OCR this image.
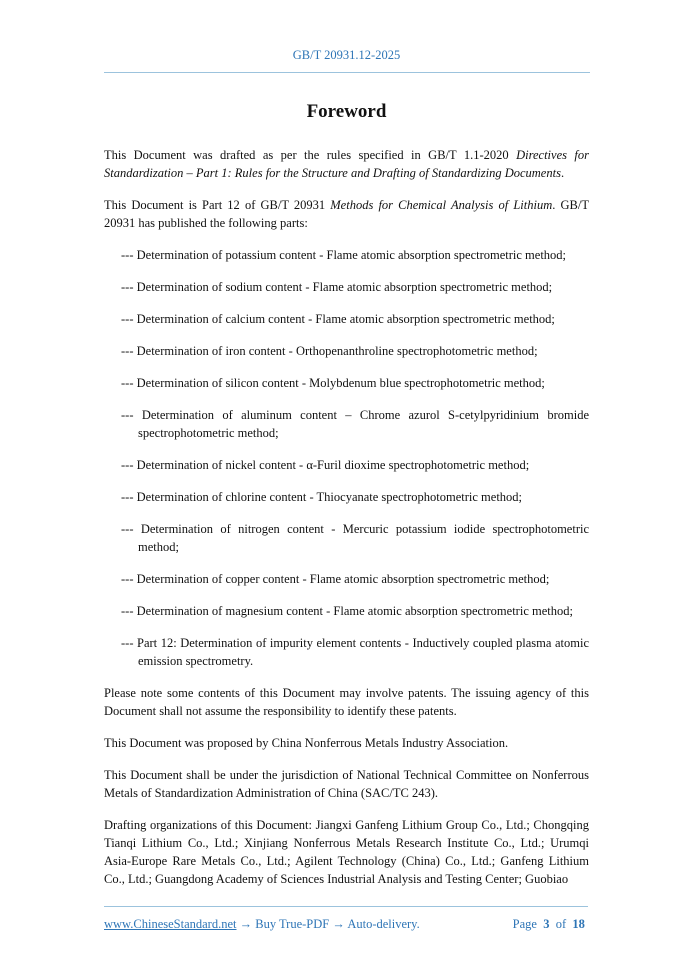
GB/T 20931.12-2025
Foreword

This Document was drafted as per the rules specified in GB/T 1.1-2020 Directives for Standardization – Part 1: Rules for the Structure and Drafting of Standardizing Documents.

This Document is Part 12 of GB/T 20931 Methods for Chemical Analysis of Lithium. GB/T 20931 has published the following parts:

--- Determination of potassium content - Flame atomic absorption spectrometric method;
--- Determination of sodium content - Flame atomic absorption spectrometric method;
--- Determination of calcium content - Flame atomic absorption spectrometric method;
--- Determination of iron content - Orthopenanthroline spectrophotometric method;
--- Determination of silicon content - Molybdenum blue spectrophotometric method;
--- Determination of aluminum content – Chrome azurol S-cetylpyridinium bromide spectrophotometric method;
--- Determination of nickel content - α-Furil dioxime spectrophotometric method;
--- Determination of chlorine content - Thiocyanate spectrophotometric method;
--- Determination of nitrogen content - Mercuric potassium iodide spectrophotometric method;
--- Determination of copper content - Flame atomic absorption spectrometric method;
--- Determination of magnesium content - Flame atomic absorption spectrometric method;
--- Part 12: Determination of impurity element contents - Inductively coupled plasma atomic emission spectrometry.

Please note some contents of this Document may involve patents. The issuing agency of this Document shall not assume the responsibility to identify these patents.

This Document was proposed by China Nonferrous Metals Industry Association.

This Document shall be under the jurisdiction of National Technical Committee on Nonferrous Metals of Standardization Administration of China (SAC/TC 243).

Drafting organizations of this Document: Jiangxi Ganfeng Lithium Group Co., Ltd.; Chongqing Tianqi Lithium Co., Ltd.; Xinjiang Nonferrous Metals Research Institute Co., Ltd.; Urumqi Asia-Europe Rare Metals Co., Ltd.; Agilent Technology (China) Co., Ltd.; Ganfeng Lithium Co., Ltd.; Guangdong Academy of Sciences Industrial Analysis and Testing Center; Guobiao

www.ChineseStandard.net → Buy True-PDF → Auto-delivery.	Page 3 of 18
